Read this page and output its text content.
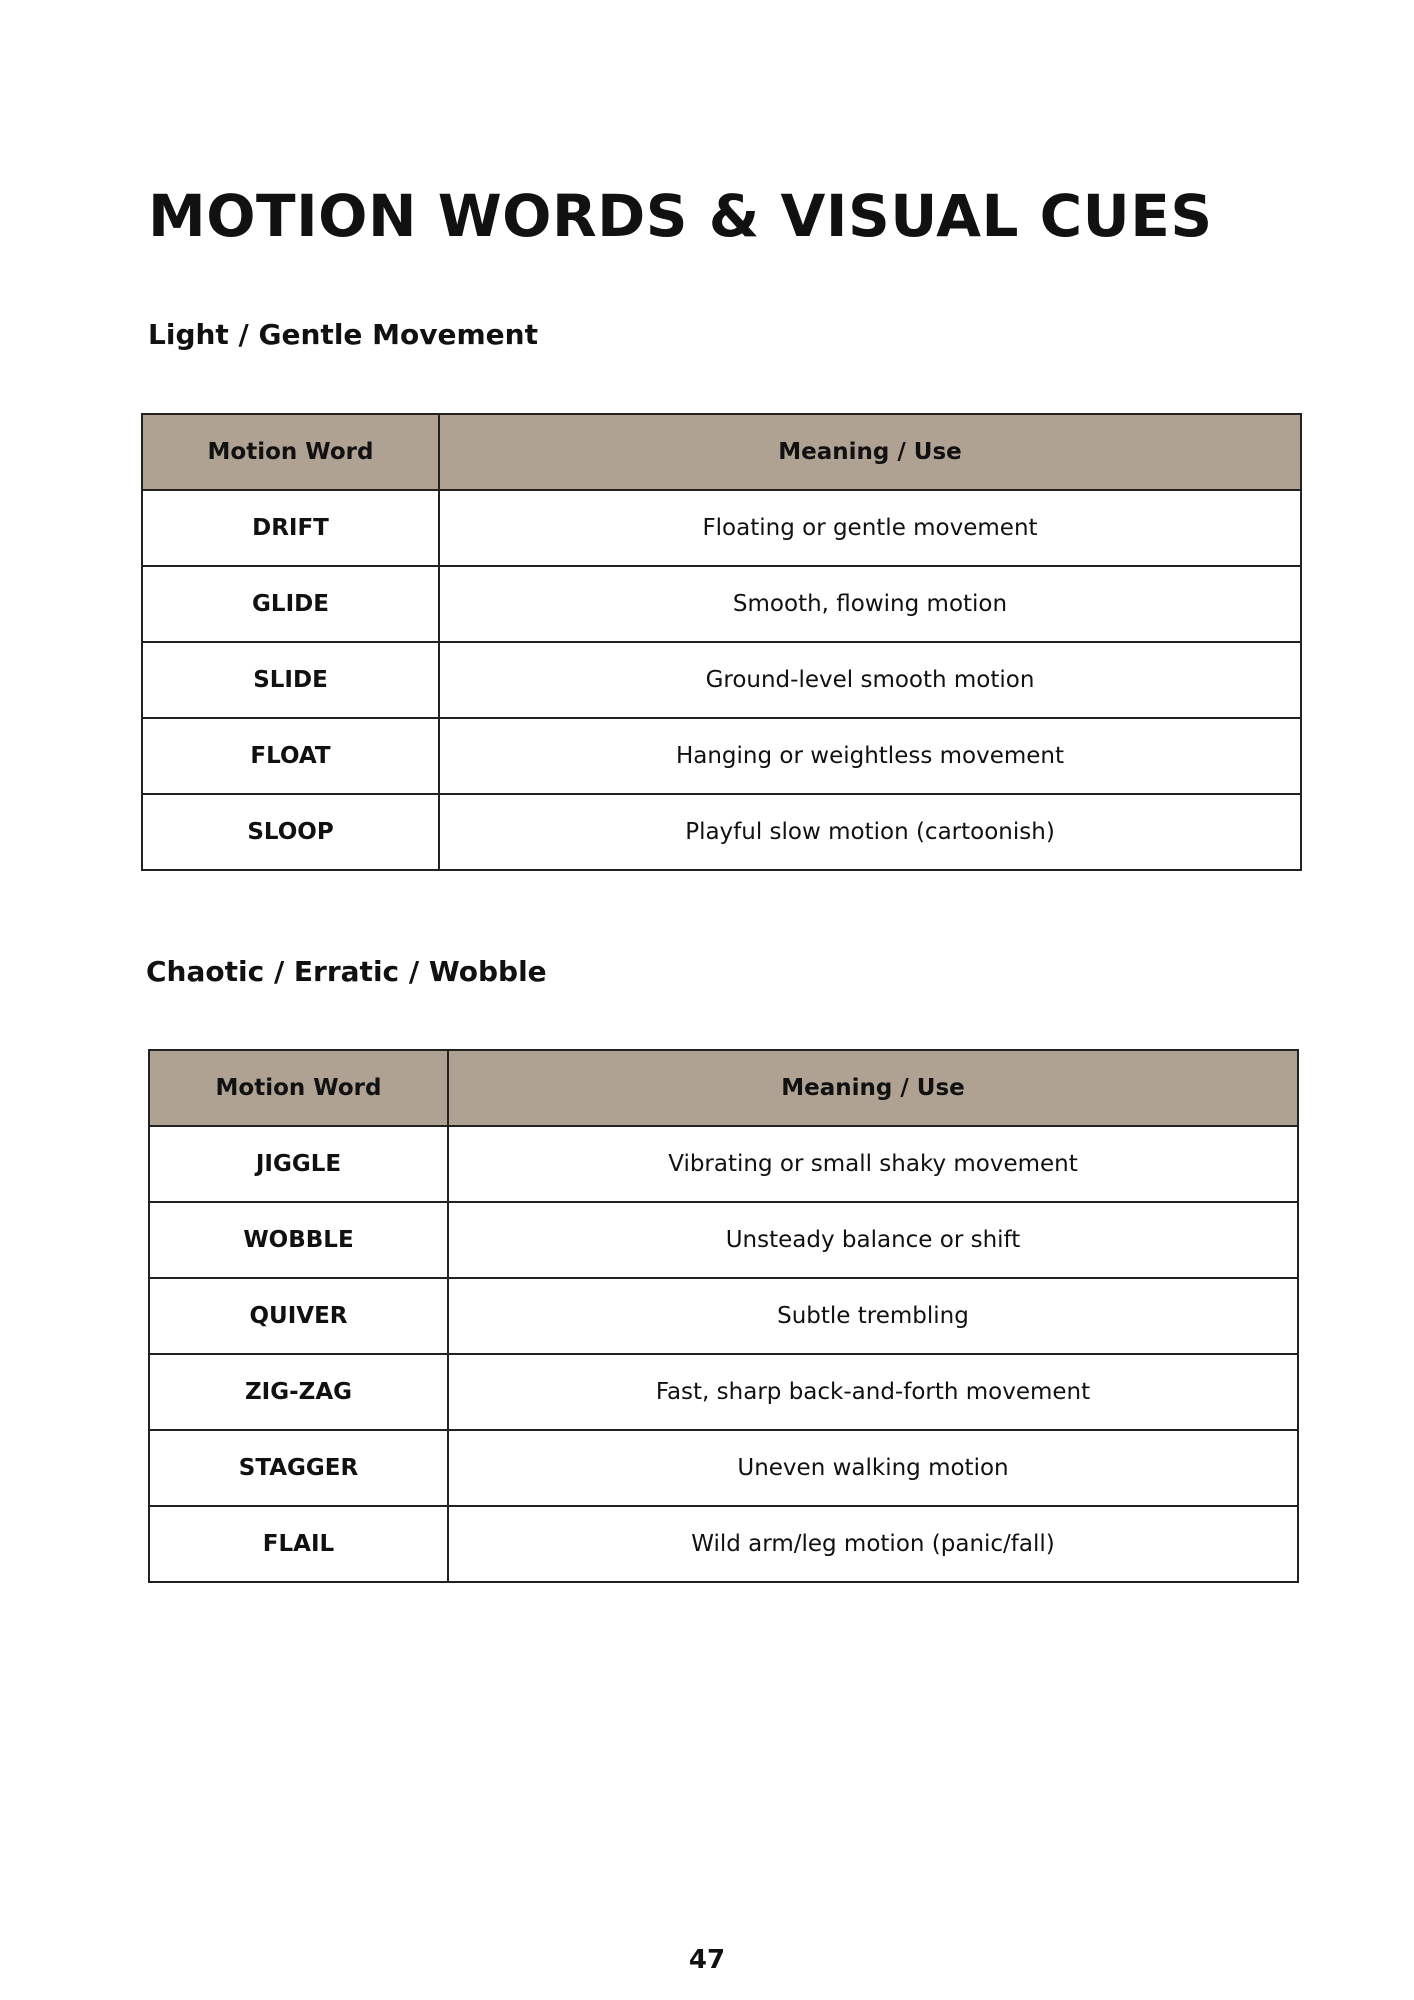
MOTION WORDS & VISUAL CUES
Light / Gentle Movement
Motion Word	Meaning / Use
DRIFT	Floating or gentle movement
GLIDE	Smooth, flowing motion
SLIDE	Ground-level smooth motion
FLOAT	Hanging or weightless movement
SLOOP	Playful slow motion (cartoonish)
Chaotic / Erratic / Wobble
Motion Word	Meaning / Use
JIGGLE	Vibrating or small shaky movement
WOBBLE	Unsteady balance or shift
QUIVER	Subtle trembling
ZIG-ZAG	Fast, sharp back-and-forth movement
STAGGER	Uneven walking motion
FLAIL	Wild arm/leg motion (panic/fall)

47
